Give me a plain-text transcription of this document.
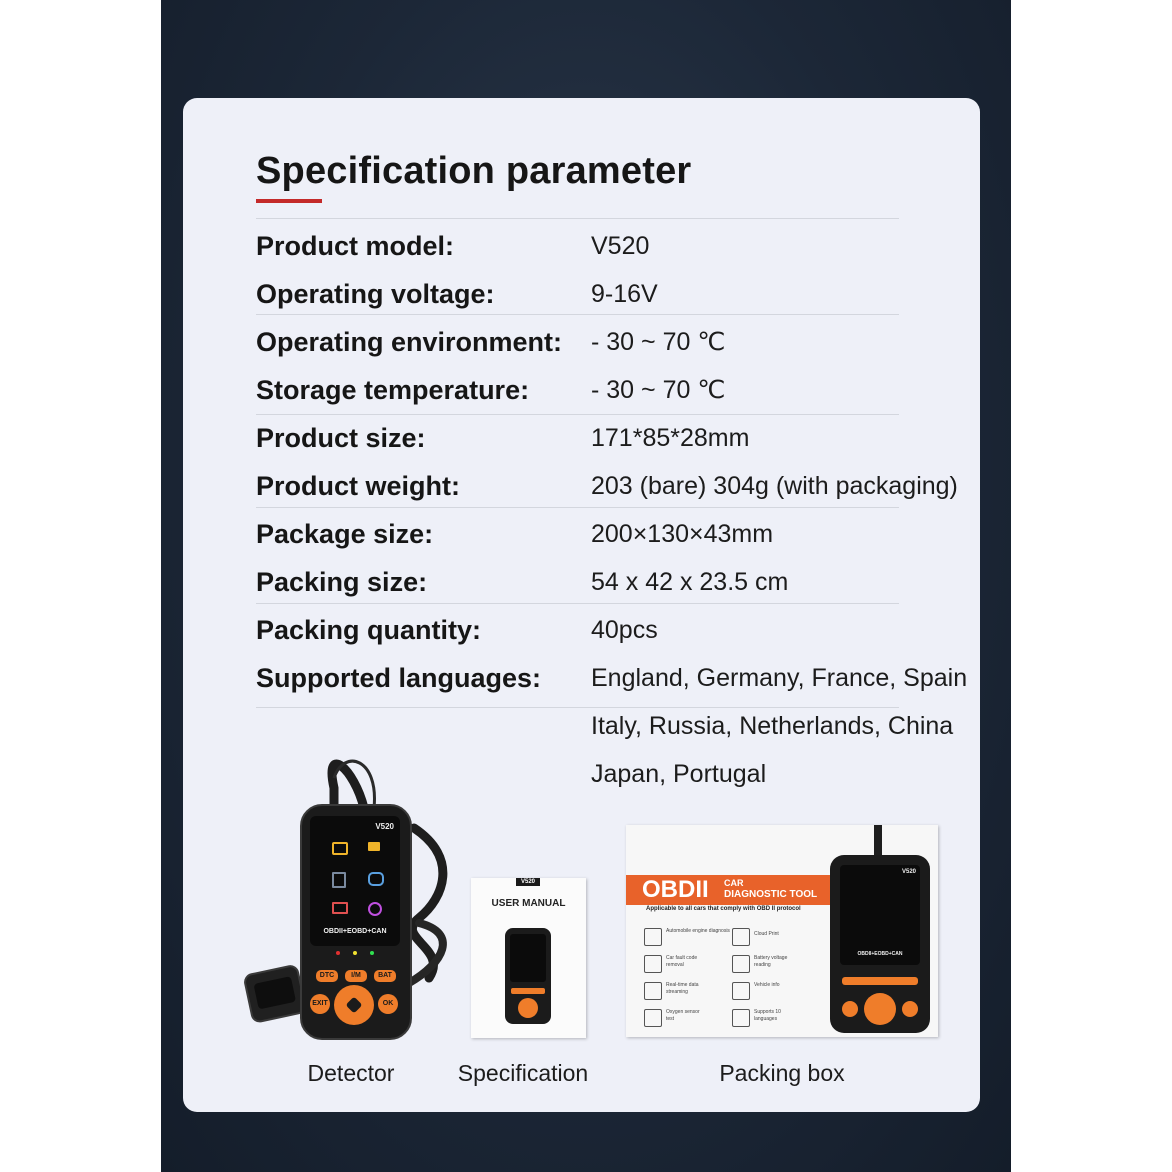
Specification parameter
Product model:	V520
Operating voltage:	9-16V
Operating environment: - 30 ~ 70 ℃
Storage temperature: - 30 ~ 70 ℃
Product size:	171*85*28mm
Product weight:	203 (bare) 304g (with packaging)
Package size:	200×130×43mm
Packing size:	54 x 42 x 23.5 cm
Packing quantity:	40pcs
Supported languages: England, Germany, France, Spain
Italy, Russia, Netherlands, China
Japan, Portugal
V520
OBDII+EOBD+CAN
DTC	I/M	BAT
EXIT	OK
V520
USER MANUAL
OBDII CAR
DIAGNOSTIC TOOL
Applicable to all cars that comply with OBD II protocol
Automobile engine diagnosis	Cloud Print
Car fault code removal
Battery voltage reading
Real-time data streaming
Vehicle info
Oxygen sensor test
Supports 10 languages
V520
OBDII+EOBD+CAN
Detector	Specification	Packing box
